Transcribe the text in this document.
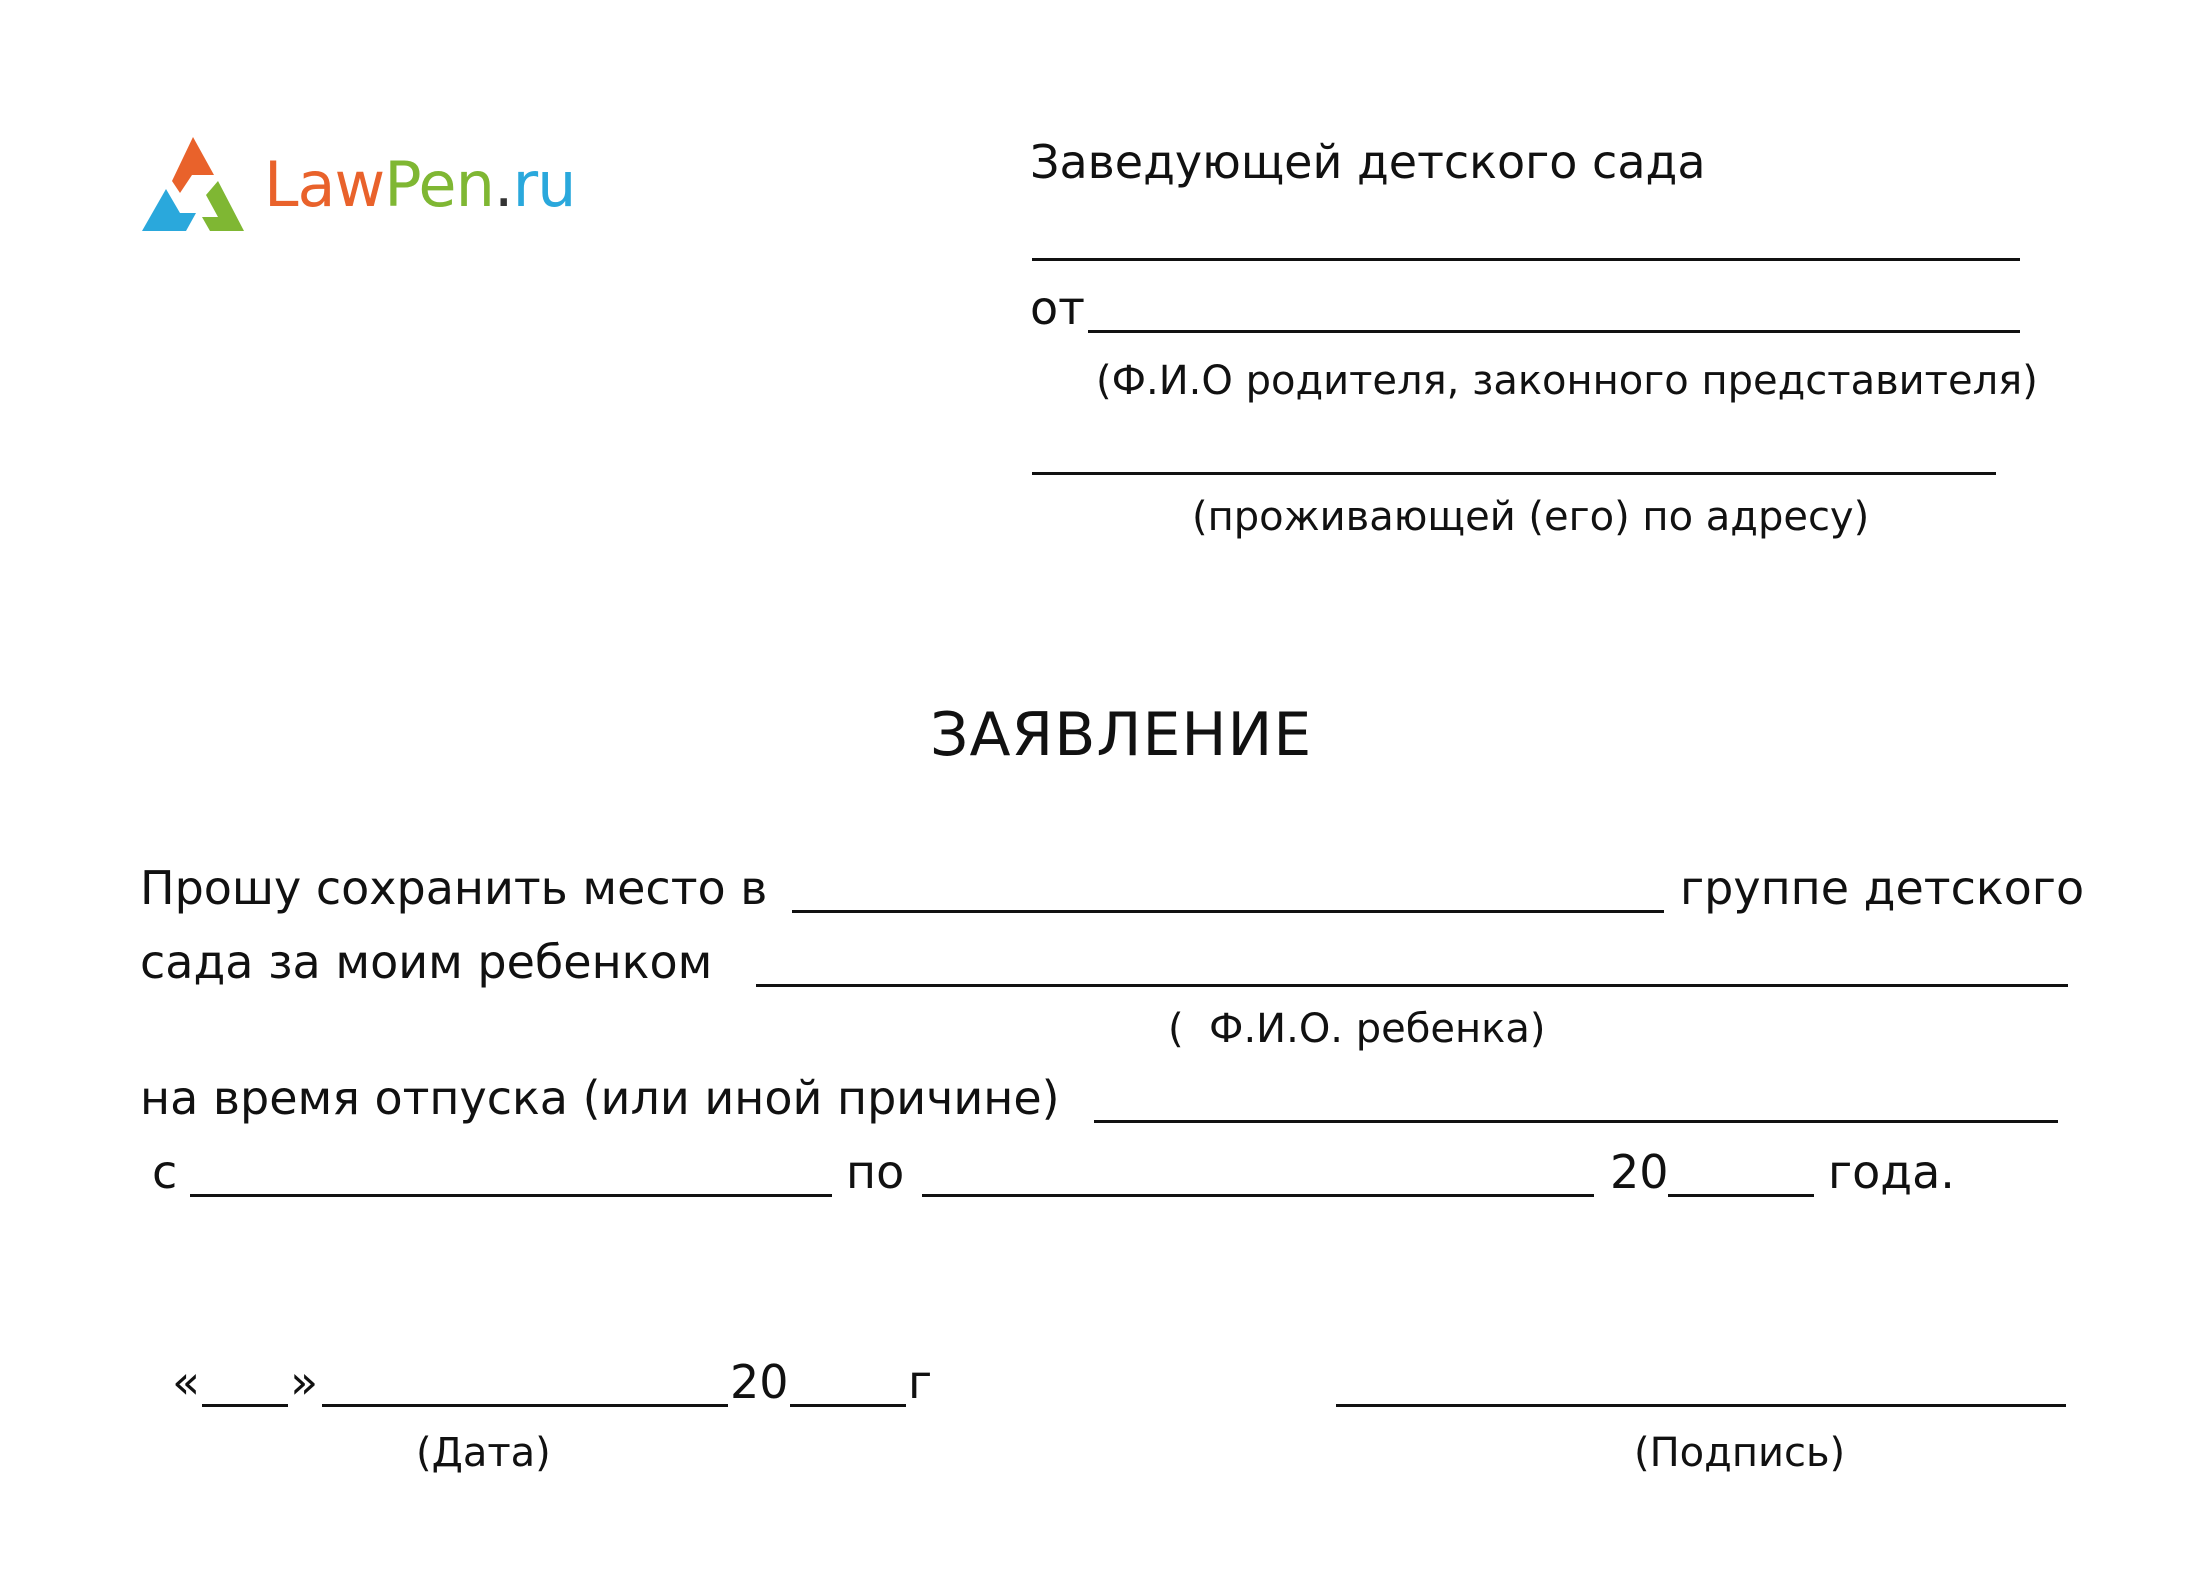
LawPen.ru	Заведующей детского сада
от
(Ф.И.О родителя, законного представителя)
(проживающей (его) по адресу)
ЗАЯВЛЕНИЕ
Прошу сохранить место в	группе детского
сада за моим ребенком
(  Ф.И.О. ребенка)
на время отпуска (или иной причине)
с	по	20	года.
« »	20	г
(Дата)	(Подпись)
